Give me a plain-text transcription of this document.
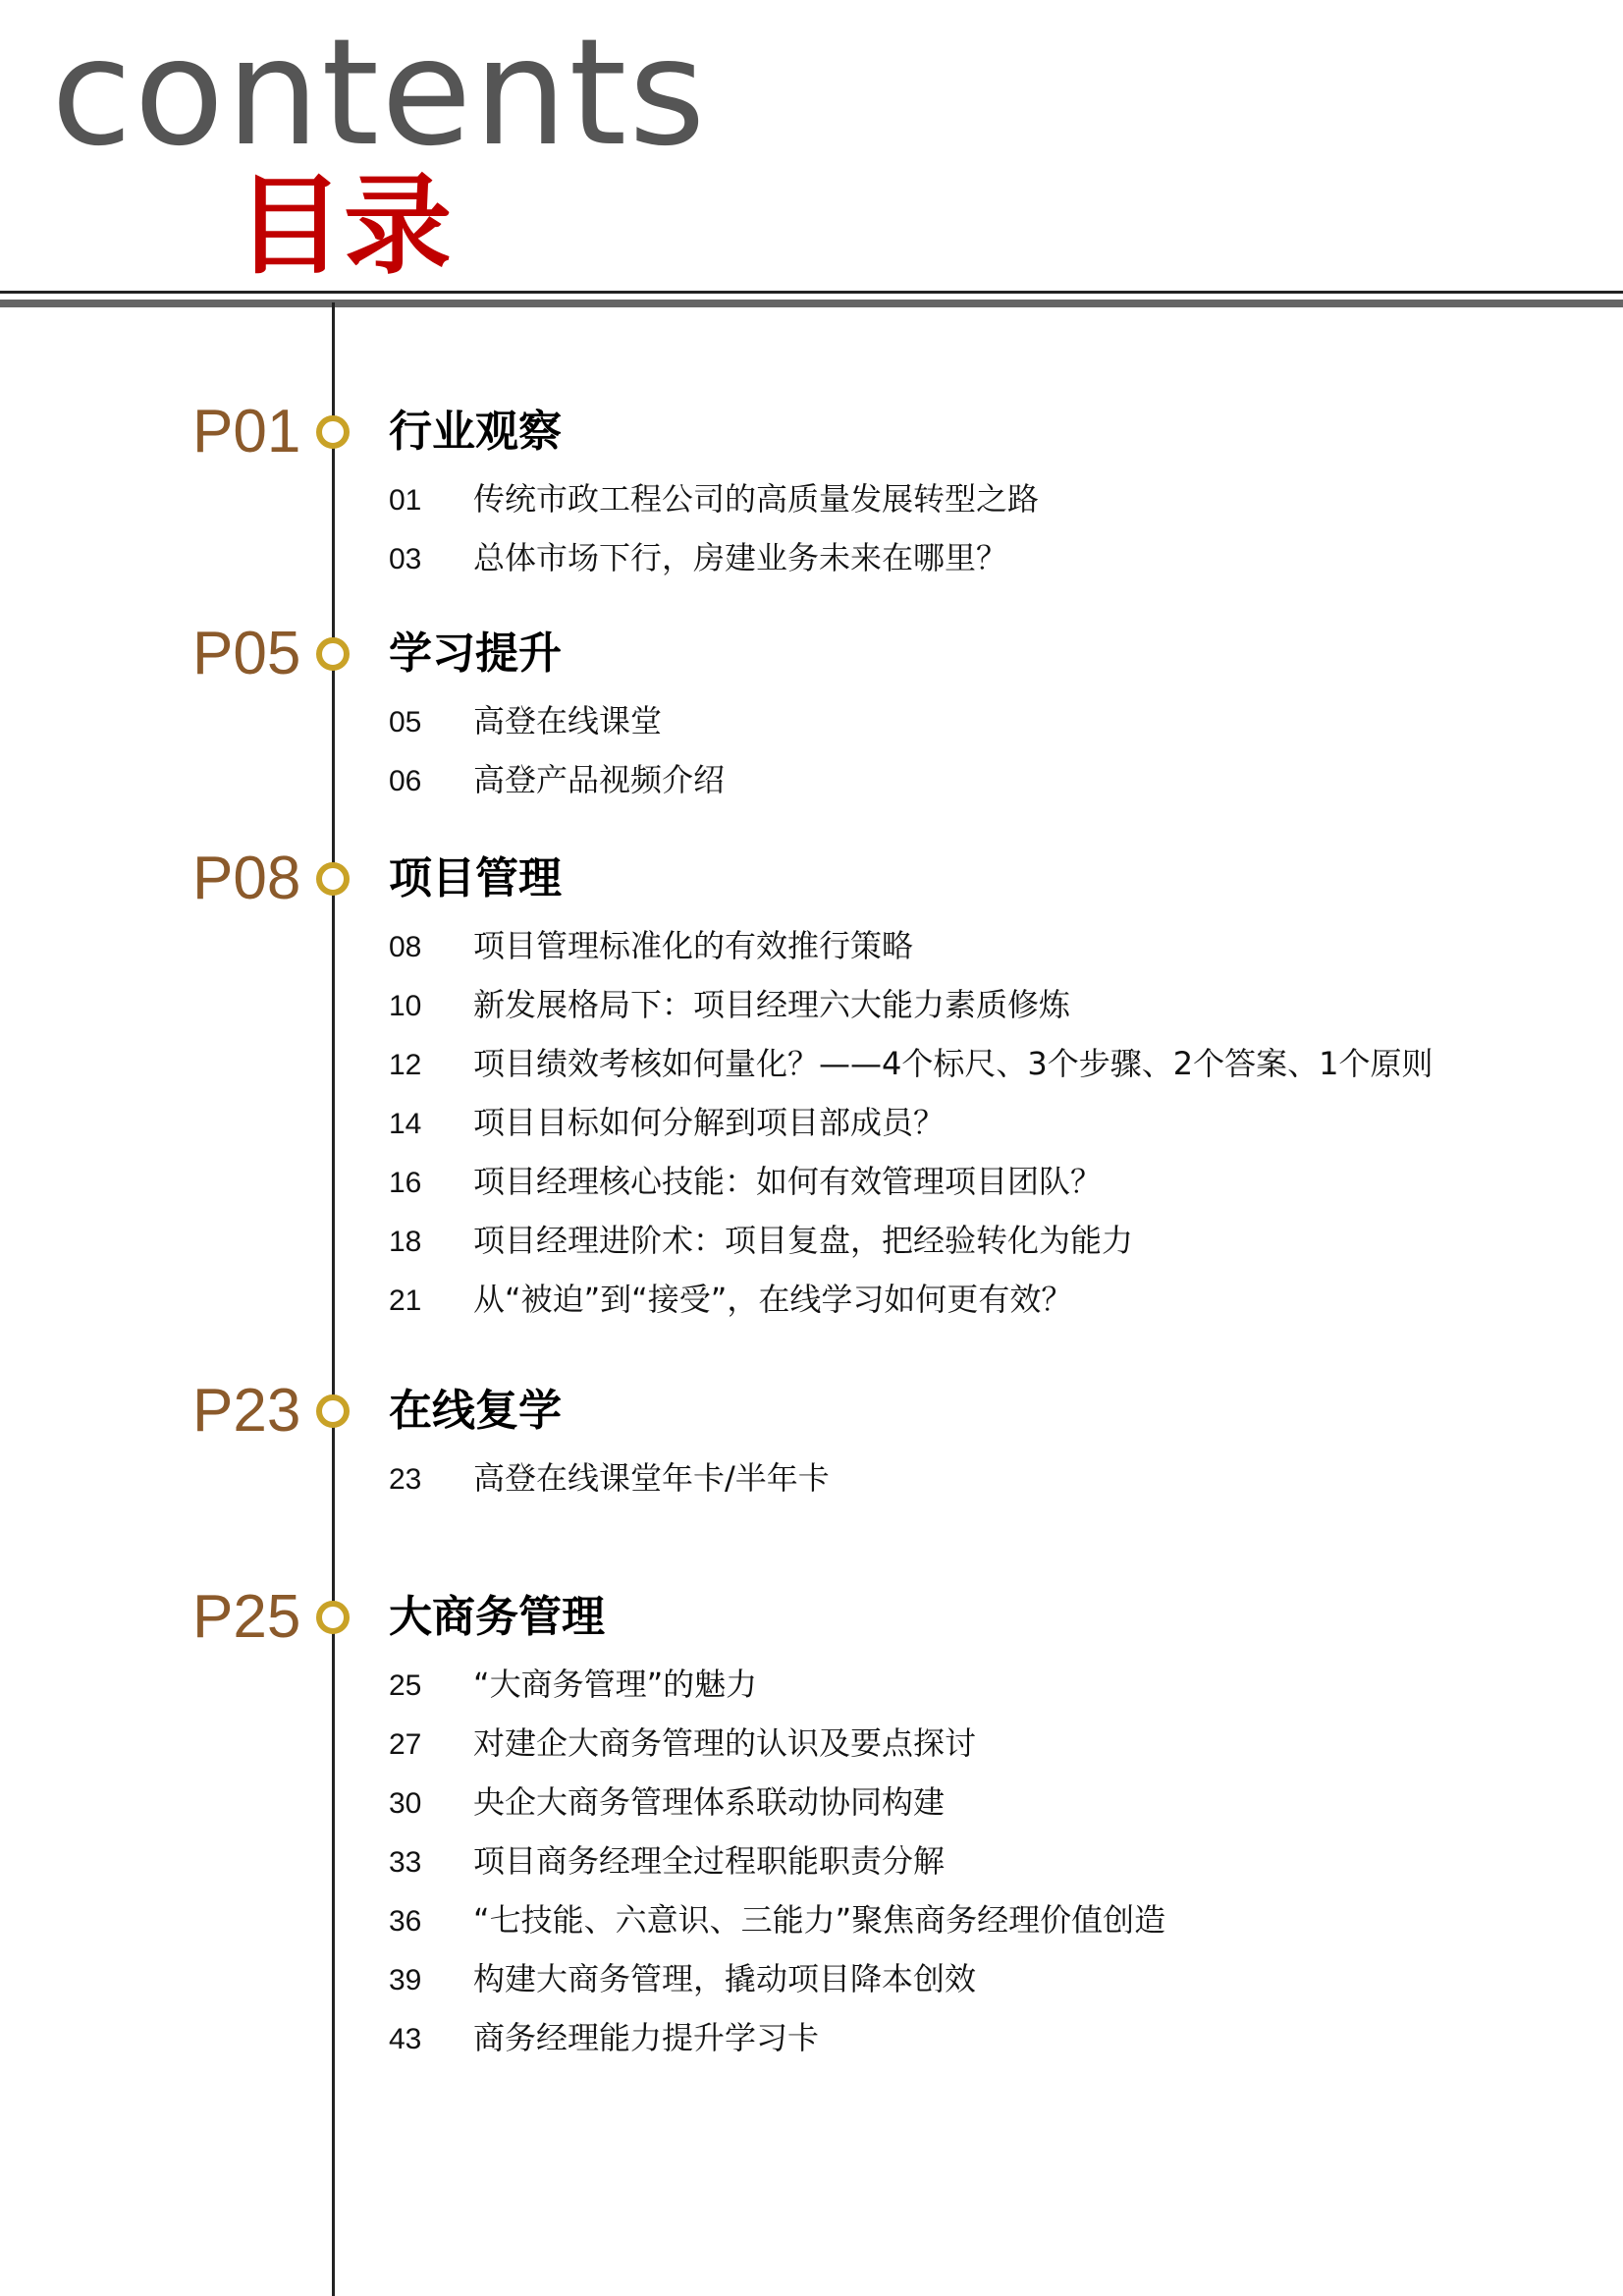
contents
目录
P01 行业观察
01 传统市政工程公司的高质量发展转型之路
03 总体市场下行，房建业务未来在哪里？
P05 学习提升
05 高登在线课堂
06 高登产品视频介绍
P08 项目管理
08 项目管理标准化的有效推行策略
10 新发展格局下：项目经理六大能力素质修炼
12 项目绩效考核如何量化？——4个标尺、3个步骤、2个答案、1个原则
14 项目目标如何分解到项目部成员？
16 项目经理核心技能：如何有效管理项目团队？
18 项目经理进阶术：项目复盘，把经验转化为能力
21 从“被迫”到“接受”，在线学习如何更有效？
P23 在线复学
23 高登在线课堂年卡/半年卡
P25 大商务管理
25 “大商务管理”的魅力
27 对建企大商务管理的认识及要点探讨
30 央企大商务管理体系联动协同构建
33 项目商务经理全过程职能职责分解
36 “七技能、六意识、三能力”聚焦商务经理价值创造
39 构建大商务管理，撬动项目降本创效
43 商务经理能力提升学习卡
